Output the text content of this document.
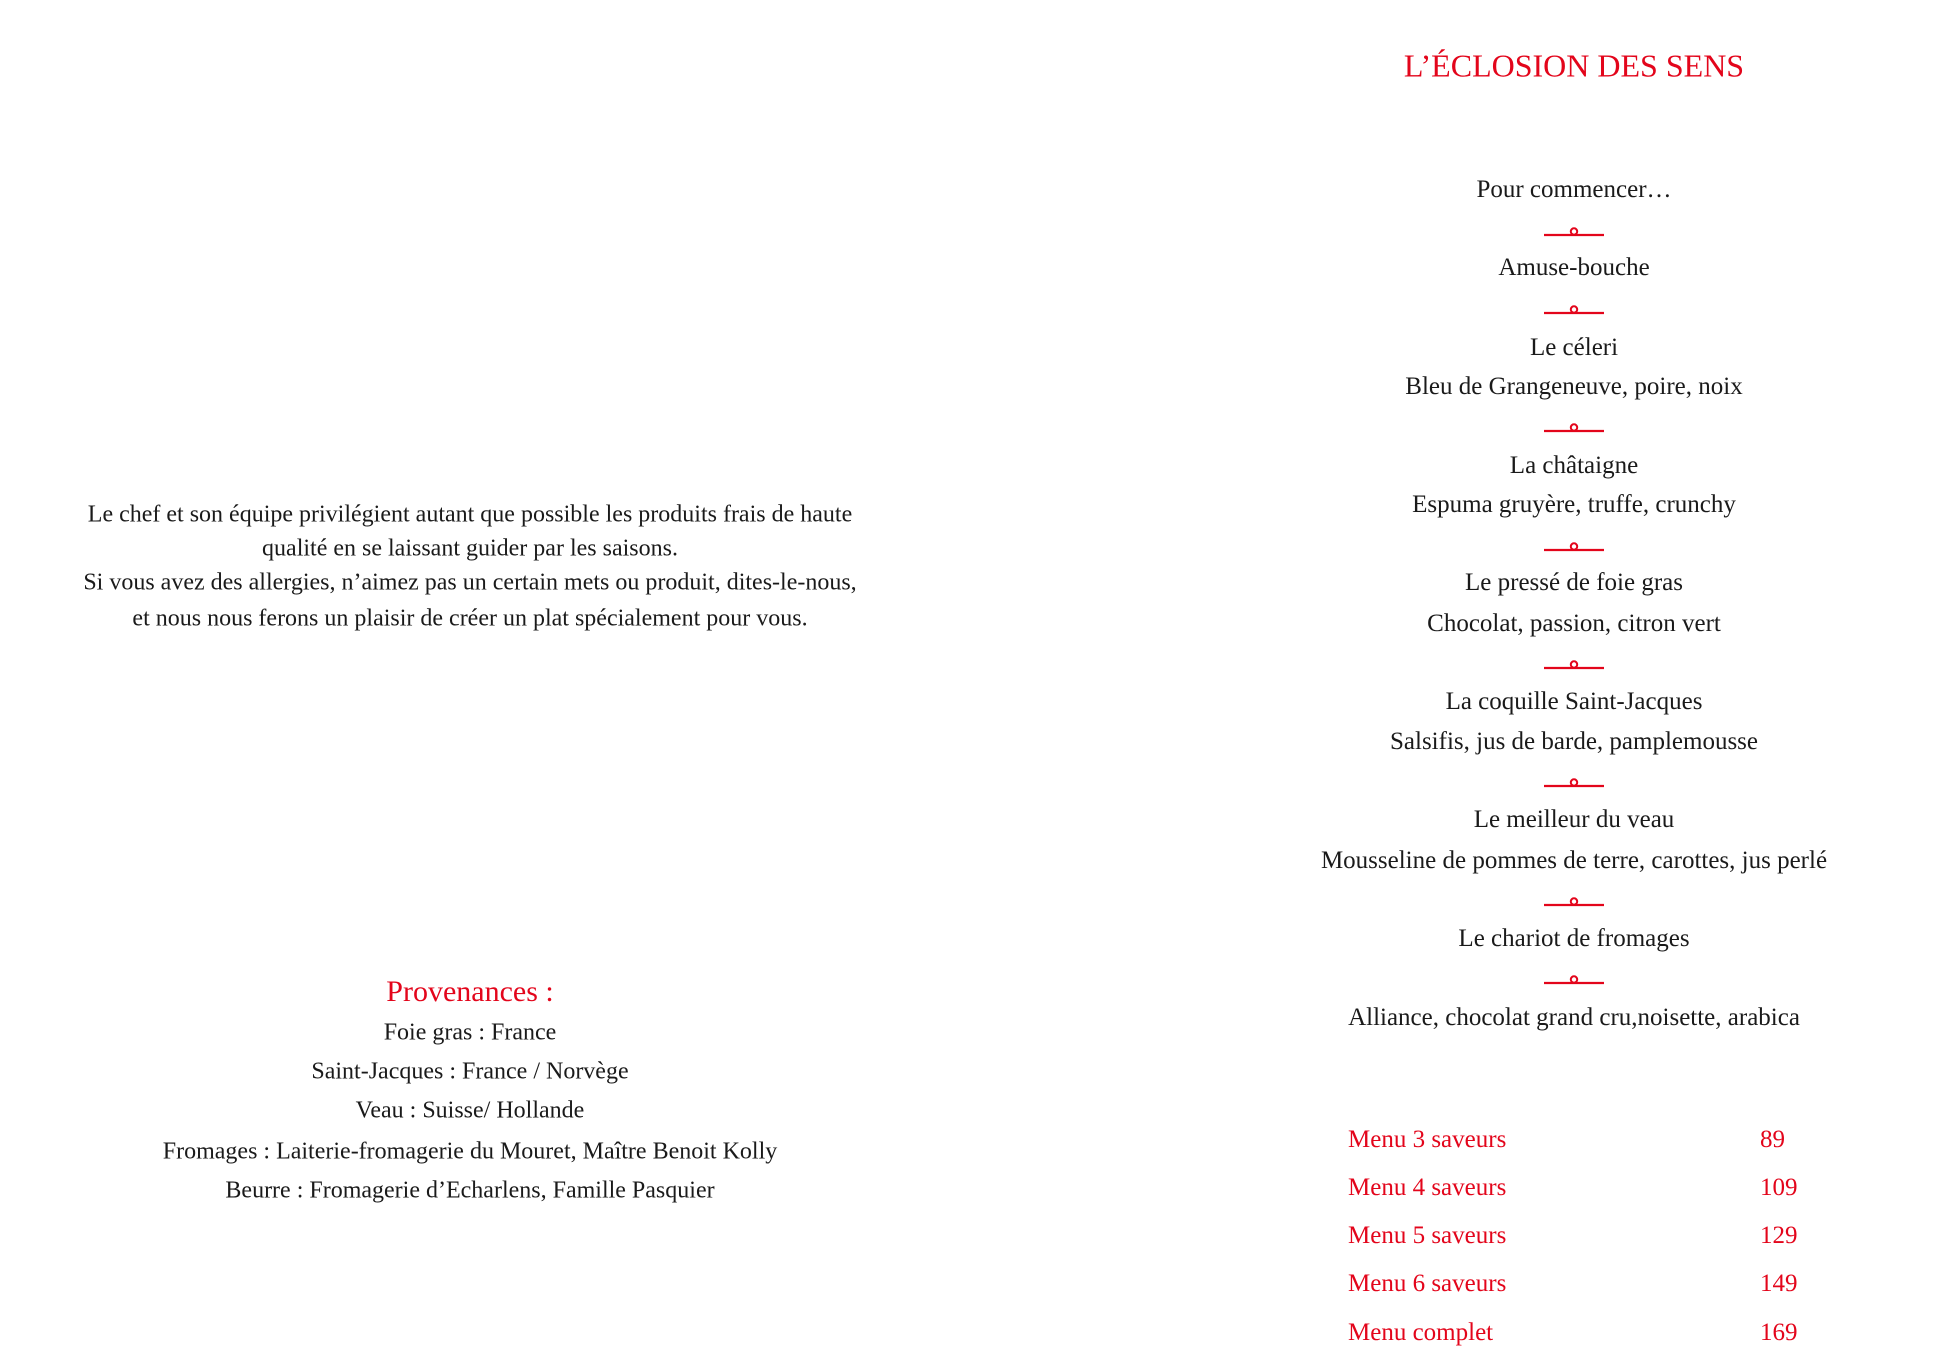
L’ÉCLOSION DES SENS
Le chef et son équipe privilégient autant que possible les produits frais de haute
qualité en se laissant guider par les saisons.
Si vous avez des allergies, n’aimez pas un certain mets ou produit, dites-le-nous,
et nous nous ferons un plaisir de créer un plat spécialement pour vous.
Provenances :
Foie gras : France
Saint-Jacques : France / Norvège
Veau : Suisse/ Hollande
Fromages : Laiterie-fromagerie du Mouret, Maître Benoit Kolly
Beurre : Fromagerie d’Echarlens, Famille Pasquier
Pour commencer…
Amuse-bouche
Le céleri
Bleu de Grangeneuve, poire, noix
La châtaigne
Espuma gruyère, truffe, crunchy
Le pressé de foie gras
Chocolat, passion, citron vert
La coquille Saint-Jacques
Salsifis, jus de barde, pamplemousse
Le meilleur du veau
Mousseline de pommes de terre, carottes, jus perlé
Le chariot de fromages
Alliance, chocolat grand cru,noisette, arabica
Menu 3 saveurs	89
Menu 4 saveurs	109
Menu 5 saveurs	129
Menu 6 saveurs	149
Menu complet	169
